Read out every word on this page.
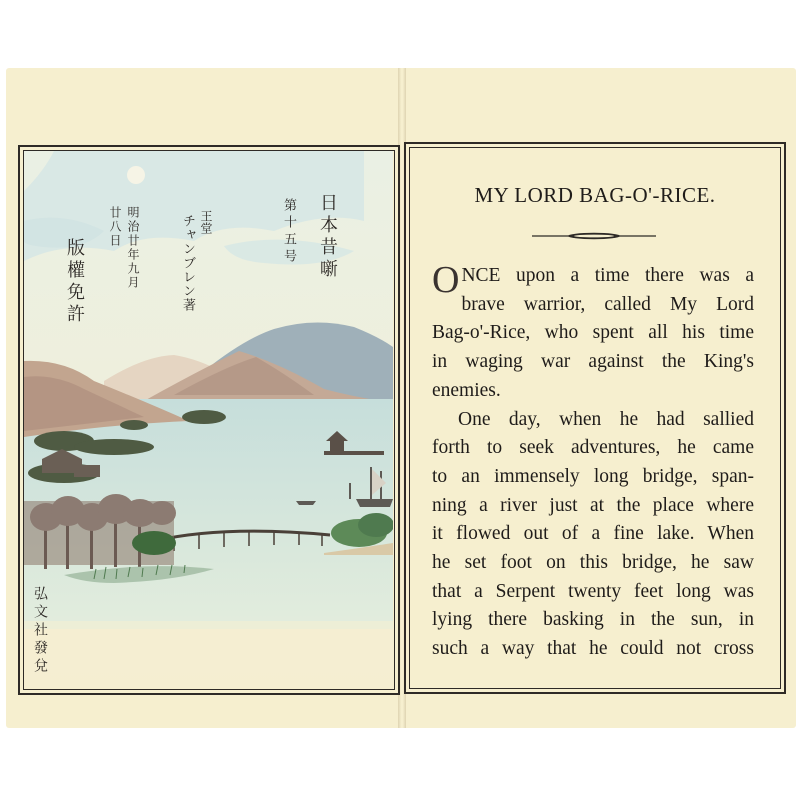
日本昔噺
第十五号
王堂
チャンブレン著
明治廿年九月廿八日
版權免許
弘文社發兌
MY LORD BAG-O'-RICE.

O NCE upon a time there was a
brave warrior, called My Lord
Bag-o'-Rice, who spent all his time
in waging war against the King's
enemies.

One day, when he had sallied
forth to seek adventures, he came
to an immensely long bridge, span-
ning a river just at the place where
it flowed out of a fine lake. When
he set foot on this bridge, he saw
that a Serpent twenty feet long was
lying there basking in the sun, in
such a way that he could not cross
